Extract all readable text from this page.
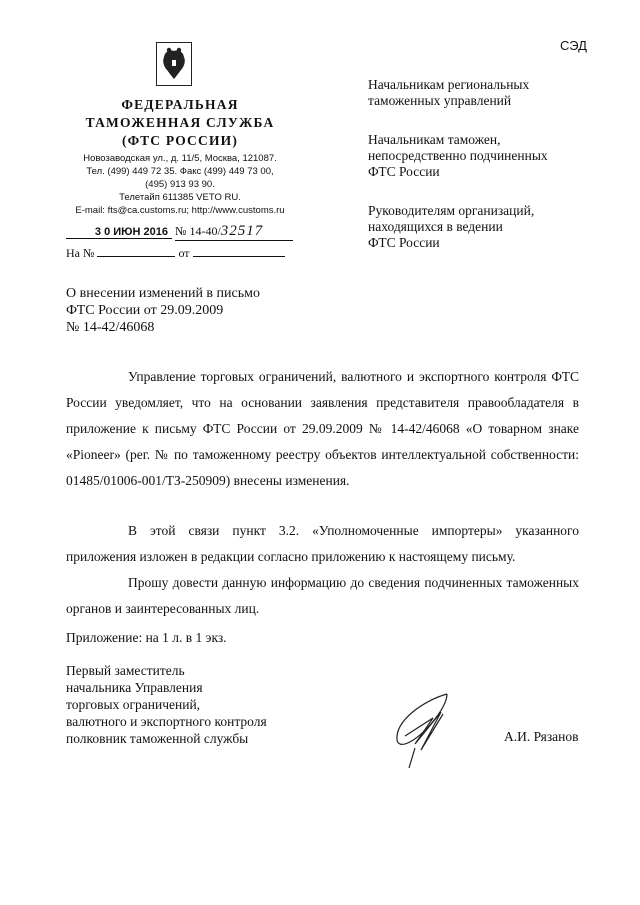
СЭД
ФЕДЕРАЛЬНАЯ
ТАМОЖЕННАЯ СЛУЖБА
(ФТС РОССИИ)
Новозаводская ул., д. 11/5, Москва, 121087.
Тел. (499) 449 72 35. Факс (499) 449 73 00,
(495) 913 93 90.
Телетайп 611385 VETO RU.
E-mail: fts@ca.customs.ru; http://www.customs.ru
3 0 ИЮН 2016 № 14-40/32517
На №	от
Начальникам региональных
таможенных управлений
Начальникам таможен,
непосредственно подчиненных
ФТС России
Руководителям организаций,
находящихся в ведении
ФТС России
О внесении изменений в письмо
ФТС России от 29.09.2009
№ 14-42/46068
Управление торговых ограничений, валютного и экспортного контроля ФТС России уведомляет, что на основании заявления представителя правообладателя в приложение к письму ФТС России от 29.09.2009 № 14-42/46068 «О товарном знаке «Pioneer» (рег. № по таможенному реестру объектов интеллектуальной собственности: 01485/01006-001/ТЗ-250909) внесены изменения.
В этой связи пункт 3.2. «Уполномоченные импортеры» указанного приложения изложен в редакции согласно приложению к настоящему письму.
Прошу довести данную информацию до сведения подчиненных таможенных органов и заинтересованных лиц.
Приложение: на 1 л. в 1 экз.
Первый заместитель
начальника Управления
торговых ограничений,
валютного и экспортного контроля
полковник таможенной службы	А.И. Рязанов
